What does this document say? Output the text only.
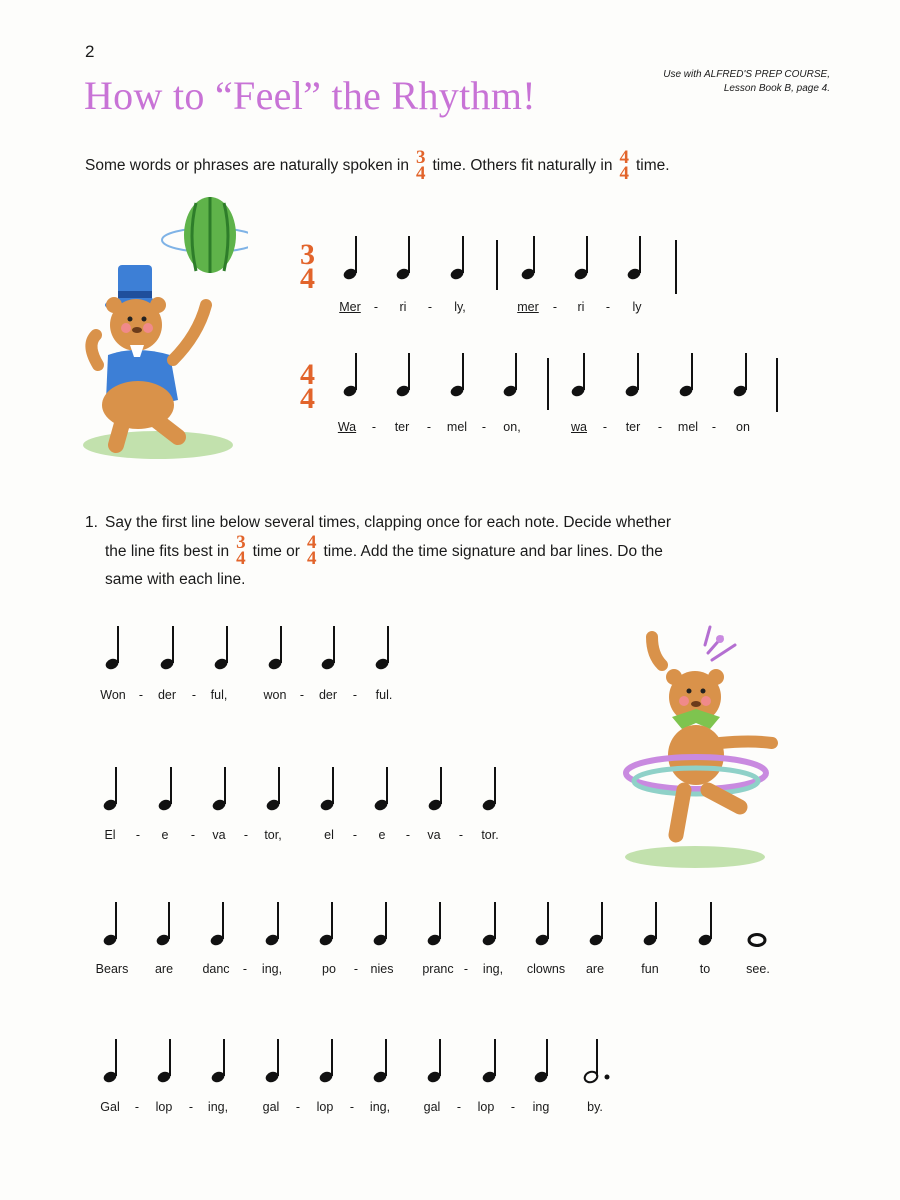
2
How to “Feel” the Rhythm!	Use with ALFRED'S PREP COURSE,
Lesson Book B, page 4.
Some words or phrases are naturally spoken in 3
4 time. Others fit naturally in 4
4 time.
3
4
4
4
1. Say the first line below several times, clapping once for each note. Decide whether
the line fits best in 3
4 time or 4
4 time. Add the time signature and bar lines. Do the
same with each line.
Mer - ri - ly,	mer - ri - ly
Wa - ter - mel - on,	wa - ter - mel - on
Won - der - ful,	won - der - ful.
El - e - va - tor,	el - e - va - tor.
Bears are danc - ing,	po - nies pranc - ing, clowns are	fun	to	see.
Gal - lop - ing,	gal - lop - ing,	gal - lop - ing	by.
